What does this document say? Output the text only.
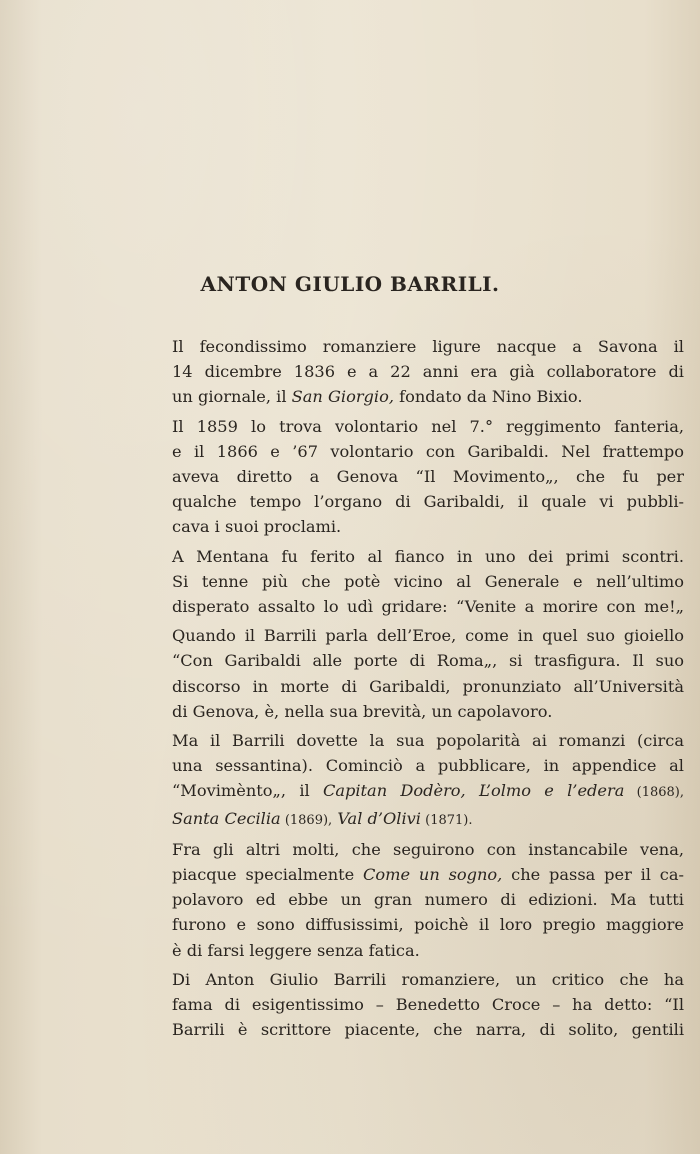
ANTON GIULIO BARRILI.
Il fecondissimo romanziere ligure nacque a Savona il
14 dicembre 1836 e a 22 anni era già collaboratore di
un giornale, il San Giorgio, fondato da Nino Bixio.
Il 1859 lo trova volontario nel 7.° reggimento fanteria,
e il 1866 e ’67 volontario con Garibaldi. Nel frattempo
aveva diretto a Genova “Il Movimento„, che fu per
qualche tempo l’organo di Garibaldi, il quale vi pubbli-
cava i suoi proclami.
A Mentana fu ferito al fianco in uno dei primi scontri.
Si tenne più che potè vicino al Generale e nell’ultimo
disperato assalto lo udì gridare: “Venite a morire con me!„
Quando il Barrili parla dell’Eroe, come in quel suo gioiello
“Con Garibaldi alle porte di Roma„, si trasfigura. Il suo
discorso in morte di Garibaldi, pronunziato all’Università
di Genova, è, nella sua brevità, un capolavoro.
Ma il Barrili dovette la sua popolarità ai romanzi (circa
una sessantina). Cominciò a pubblicare, in appendice al
“Movimènto„, il Capitan Dodèro, L’olmo e l’edera (1868),
Santa Cecilia (1869), Val d’Olivi (1871).
Fra gli altri molti, che seguirono con instancabile vena,
piacque specialmente Come un sogno, che passa per il ca-
polavoro ed ebbe un gran numero di edizioni. Ma tutti
furono e sono diffusissimi, poichè il loro pregio maggiore
è di farsi leggere senza fatica.
Di Anton Giulio Barrili romanziere, un critico che ha
fama di esigentissimo – Benedetto Croce – ha detto: “Il
Barrili è scrittore piacente, che narra, di solito, gentili
